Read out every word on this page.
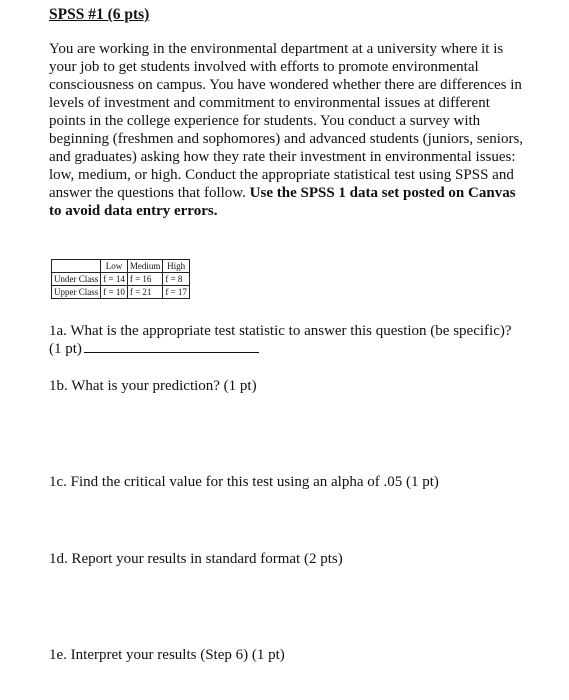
SPSS #1 (6 pts)
You are working in the environmental department at a university where it is your job to get students involved with efforts to promote environmental consciousness on campus. You have wondered whether there are differences in levels of investment and commitment to environmental issues at different points in the college experience for students. You conduct a survey with beginning (freshmen and sophomores) and advanced students (juniors, seniors, and graduates) asking how they rate their investment in environmental issues: low, medium, or high. Conduct the appropriate statistical test using SPSS and answer the questions that follow. Use the SPSS 1 data set posted on Canvas to avoid data entry errors.
	Low	Medium	High
Under Class	f = 14	f = 16	f = 8
Upper Class	f = 10	f = 21	f = 17
1a. What is the appropriate test statistic to answer this question (be specific)? (1 pt)
1b. What is your prediction? (1 pt)
1c. Find the critical value for this test using an alpha of .05 (1 pt)
1d. Report your results in standard format (2 pts)
1e. Interpret your results (Step 6) (1 pt)
